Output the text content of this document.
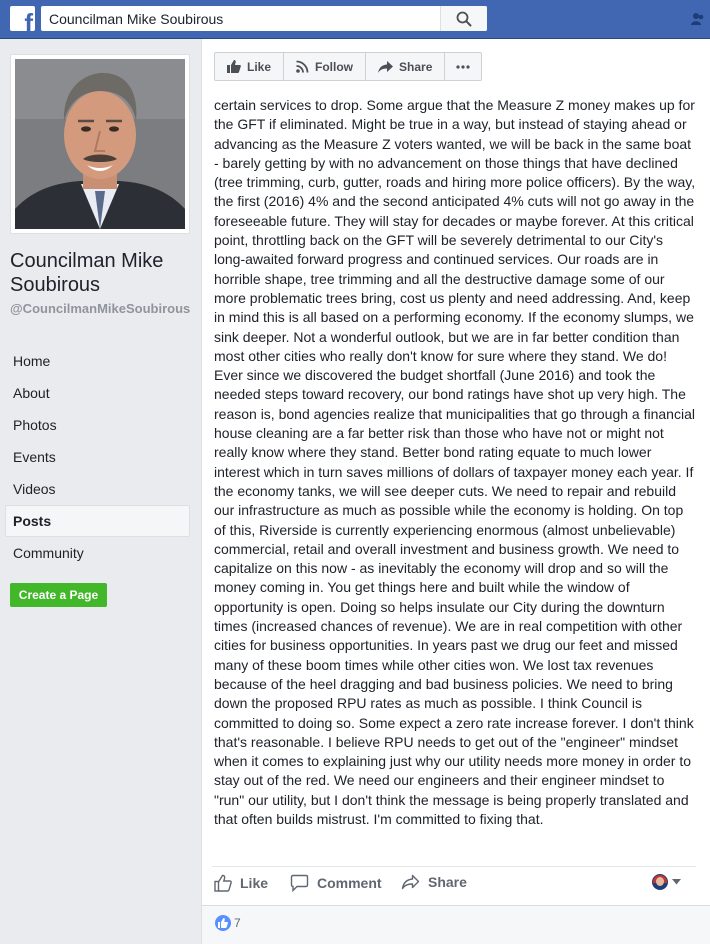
f
Councilman Mike Soubirous
Councilman Mike Soubirous
@CouncilmanMikeSoubirous
Home
About
Photos
Events
Videos
Posts
Community
Create a Page
Like	Follow	Share
certain services to drop. Some argue that the Measure Z money makes up for the GFT if eliminated. Might be true in a way, but instead of staying ahead or advancing as the Measure Z voters wanted, we will be back in the same boat - barely getting by with no advancement on those things that have declined (tree trimming, curb, gutter, roads and hiring more police officers). By the way, the first (2016) 4% and the second anticipated 4% cuts will not go away in the foreseeable future. They will stay for decades or maybe forever. At this critical point, throttling back on the GFT will be severely detrimental to our City's long-awaited forward progress and continued services. Our roads are in horrible shape, tree trimming and all the destructive damage some of our more problematic trees bring, cost us plenty and need addressing. And, keep in mind this is all based on a performing economy. If the economy slumps, we sink deeper. Not a wonderful outlook, but we are in far better condition than most other cities who really don't know for sure where they stand. We do! Ever since we discovered the budget shortfall (June 2016) and took the needed steps toward recovery, our bond ratings have shot up very high. The reason is, bond agencies realize that municipalities that go through a financial house cleaning are a far better risk than those who have not or might not really know where they stand. Better bond rating equate to much lower interest which in turn saves millions of dollars of taxpayer money each year. If the economy tanks, we will see deeper cuts. We need to repair and rebuild our infrastructure as much as possible while the economy is holding. On top of this, Riverside is currently experiencing enormous (almost unbelievable) commercial, retail and overall investment and business growth. We need to capitalize on this now - as inevitably the economy will drop and so will the money coming in. You get things here and built while the window of opportunity is open. Doing so helps insulate our City during the downturn times (increased chances of revenue). We are in real competition with other cities for business opportunities. In years past we drug our feet and missed many of these boom times while other cities won. We lost tax revenues because of the heel dragging and bad business policies. We need to bring down the proposed RPU rates as much as possible. I think Council is committed to doing so. Some expect a zero rate increase forever. I don't think that's reasonable. I believe RPU needs to get out of the "engineer" mindset when it comes to explaining just why our utility needs more money in order to stay out of the red. We need our engineers and their engineer mindset to "run" our utility, but I don't think the message is being properly translated and that often builds mistrust. I'm committed to fixing that.
Like	Comment	Share
7
